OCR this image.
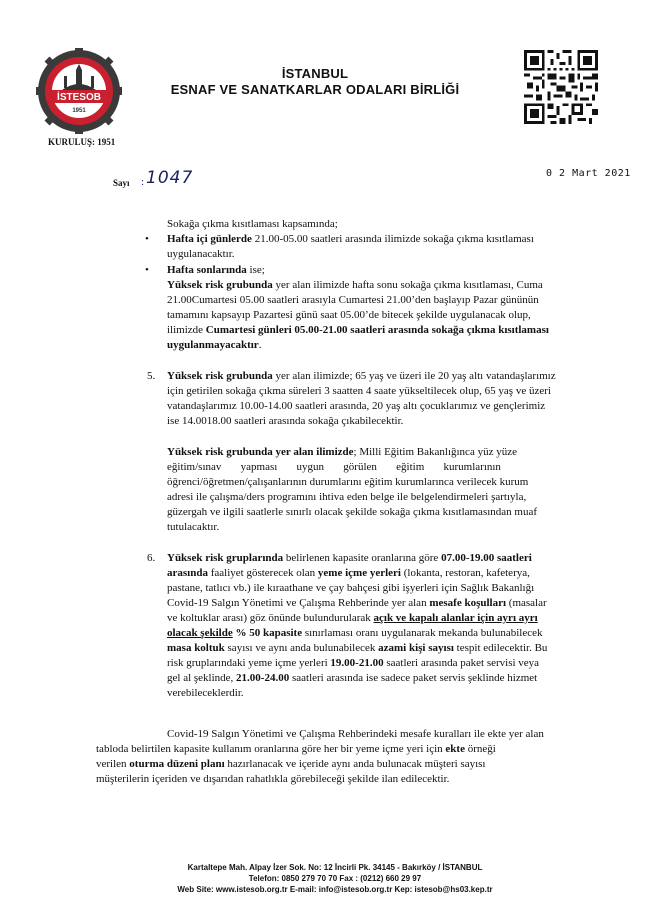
İSTESOB
1951
KURULUŞ: 1951
İSTANBUL
ESNAF VE SANATKARLAR ODALARI BİRLİĞİ
0 2 Mart 2021
Sayı : 1047
Sokağa çıkma kısıtlaması kapsamında;
• Hafta içi günlerde 21.00-05.00 saatleri arasında ilimizde sokağa çıkma kısıtlaması
uygulanacaktır.
• Hafta sonlarında ise;
Yüksek risk grubunda yer alan ilimizde hafta sonu sokağa çıkma kısıtlaması, Cuma
21.00Cumartesi 05.00 saatleri arasıyla Cumartesi 21.00’den başlayıp Pazar gününün
tamamını kapsayıp Pazartesi günü saat 05.00’de bitecek şekilde uygulanacak olup,
ilimizde Cumartesi günleri 05.00-21.00 saatleri arasında sokağa çıkma kısıtlaması
uygulanmayacaktır.
5. Yüksek risk grubunda yer alan ilimizde; 65 yaş ve üzeri ile 20 yaş altı vatandaşlarımız
için getirilen sokağa çıkma süreleri 3 saatten 4 saate yükseltilecek olup, 65 yaş ve üzeri
vatandaşlarımız 10.00-14.00 saatleri arasında, 20 yaş altı çocuklarımız ve gençlerimiz
ise 14.0018.00 saatleri arasında sokağa çıkabilecektir.
Yüksek risk grubunda yer alan ilimizde; Milli Eğitim Bakanlığınca yüz yüze
eğitim/sınav       yapması       uygun       görülen       eğitim       kurumlarının
öğrenci/öğretmen/çalışanlarının durumlarını eğitim kurumlarınca verilecek kurum
adresi ile çalışma/ders programını ihtiva eden belge ile belgelendirmeleri şartıyla,
güzergah ve ilgili saatlerle sınırlı olacak şekilde sokağa çıkma kısıtlamasından muaf
tutulacaktır.
6. Yüksek risk gruplarında belirlenen kapasite oranlarına göre 07.00-19.00 saatleri
arasında faaliyet gösterecek olan yeme içme yerleri (lokanta, restoran, kafeterya,
pastane, tatlıcı vb.) ile kıraathane ve çay bahçesi gibi işyerleri için Sağlık Bakanlığı
Covid-19 Salgın Yönetimi ve Çalışma Rehberinde yer alan mesafe koşulları (masalar
ve koltuklar arası) göz önünde bulundurularak açık ve kapalı alanlar için ayrı ayrı
olacak şekilde % 50 kapasite sınırlaması oranı uygulanarak mekanda bulunabilecek
masa koltuk sayısı ve aynı anda bulunabilecek azami kişi sayısı tespit edilecektir. Bu
risk gruplarındaki yeme içme yerleri 19.00-21.00 saatleri arasında paket servisi veya
gel al şeklinde, 21.00-24.00 saatleri arasında ise sadece paket servis şeklinde hizmet
verebileceklerdir.
Covid-19 Salgın Yönetimi ve Çalışma Rehberindeki mesafe kuralları ile ekte yer alan
tabloda belirtilen kapasite kullanım oranlarına göre her bir yeme içme yeri için ekte örneği
verilen oturma düzeni planı hazırlanacak ve içeride aynı anda bulunacak müşteri sayısı
müşterilerin içeriden ve dışarıdan rahatlıkla görebileceği şekilde ilan edilecektir.
Kartaltepe Mah. Alpay İzer Sok. No: 12 İncirli Pk. 34145 - Bakırköy / İSTANBUL
Telefon: 0850 279 70 70 Fax : (0212) 660 29 97
Web Site: www.istesob.org.tr E-mail: info@istesob.org.tr Kep: istesob@hs03.kep.tr
